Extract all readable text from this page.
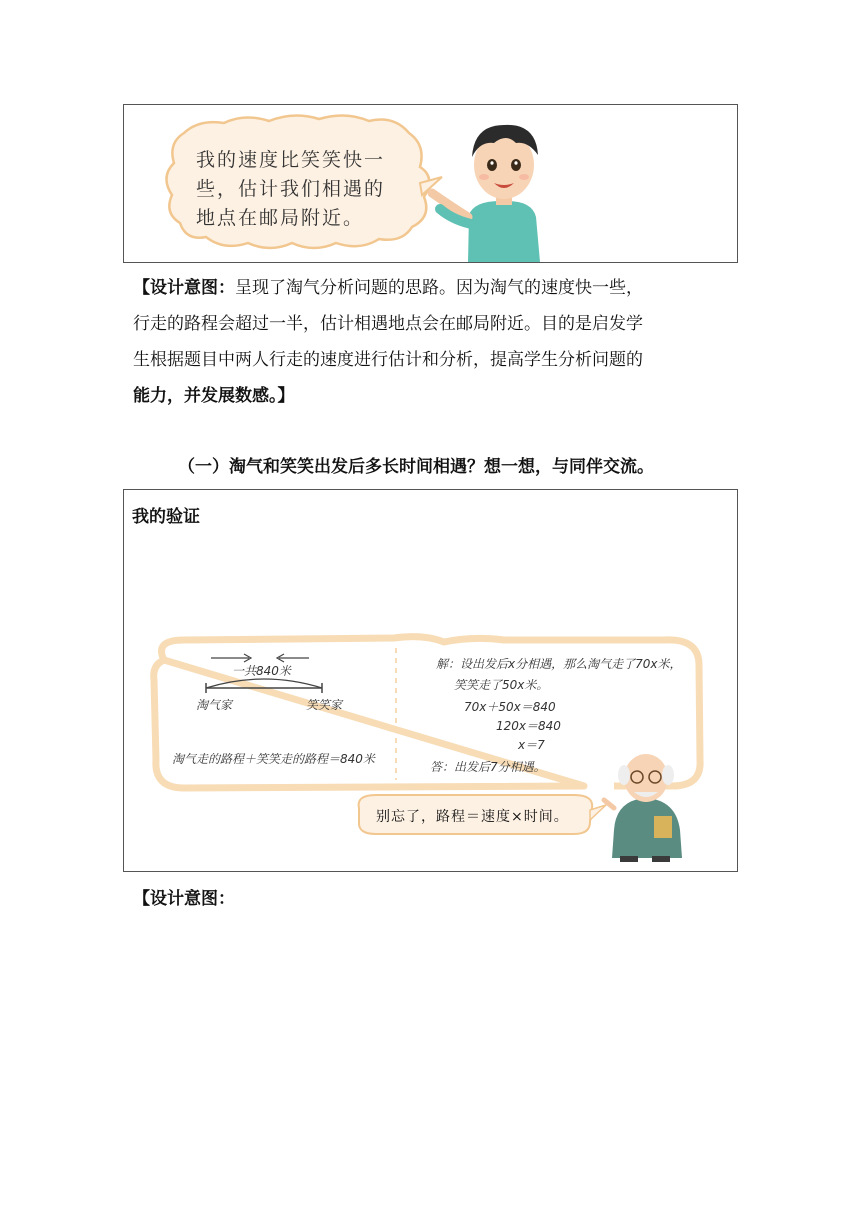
我的速度比笑笑快一
些，估计我们相遇的
地点在邮局附近。
【设计意图：呈现了淘气分析问题的思路。因为淘气的速度快一些，
行走的路程会超过一半，估计相遇地点会在邮局附近。目的是启发学
生根据题目中两人行走的速度进行估计和分析，提高学生分析问题的
能力，并发展数感。】
（一）淘气和笑笑出发后多长时间相遇？想一想，与同伴交流。
我的验证
一共840米
淘气家	笑笑家
淘气走的路程＋笑笑走的路程＝840米
解：设出发后x分相遇，那么淘气走了70x米，
笑笑走了50x米。
70x＋50x＝840
120x＝840
x＝7
答：出发后7分相遇。
别忘了，路程＝速度×时间。
【设计意图：
